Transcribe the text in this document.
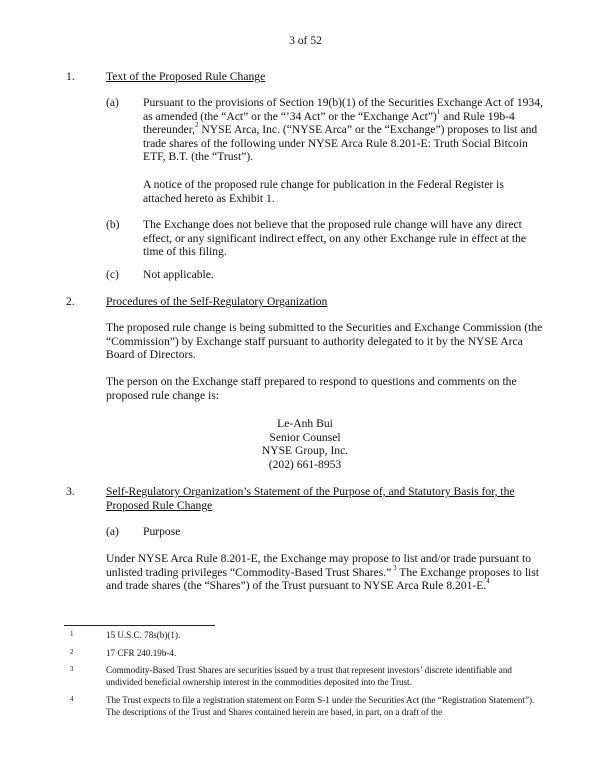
3 of 52
1.	Text of the Proposed Rule Change
(a) Pursuant to the provisions of Section 19(b)(1) of the Securities Exchange Act of 1934, as amended (the “Act” or the “’34 Act” or the “Exchange Act”)$^1$ and Rule 19b-4 thereunder,$^2$ NYSE Arca, Inc. (“NYSE Arca” or the “Exchange”) proposes to list and trade shares of the following under NYSE Arca Rule 8.201-E: Truth Social Bitcoin ETF, B.T. (the “Trust”).
A notice of the proposed rule change for publication in the Federal Register is attached hereto as Exhibit 1.
(b) The Exchange does not believe that the proposed rule change will have any direct effect, or any significant indirect effect, on any other Exchange rule in effect at the time of this filing.
(c) Not applicable.
2.	Procedures of the Self-Regulatory Organization
The proposed rule change is being submitted to the Securities and Exchange Commission (the “Commission”) by Exchange staff pursuant to authority delegated to it by the NYSE Arca Board of Directors.
The person on the Exchange staff prepared to respond to questions and comments on the proposed rule change is:
Le-Anh Bui
Senior Counsel
NYSE Group, Inc.
(202) 661-8953
3.	Self-Regulatory Organization’s Statement of the Purpose of, and Statutory Basis for, the Proposed Rule Change
(a) Purpose
Under NYSE Arca Rule 8.201-E, the Exchange may propose to list and/or trade pursuant to unlisted trading privileges “Commodity-Based Trust Shares.” $^3$ The Exchange proposes to list and trade shares (the “Shares”) of the Trust pursuant to NYSE Arca Rule 8.201-E.$^4$
1	15 U.S.C. 78s(b)(1).
2	17 CFR 240.19b-4.
3	Commodity-Based Trust Shares are securities issued by a trust that represent investors’ discrete identifiable and undivided beneficial ownership interest in the commodities deposited into the Trust.
4	The Trust expects to file a registration statement on Form S-1 under the Securities Act (the “Registration Statement”). The descriptions of the Trust and Shares contained herein are based, in part, on a draft of the
